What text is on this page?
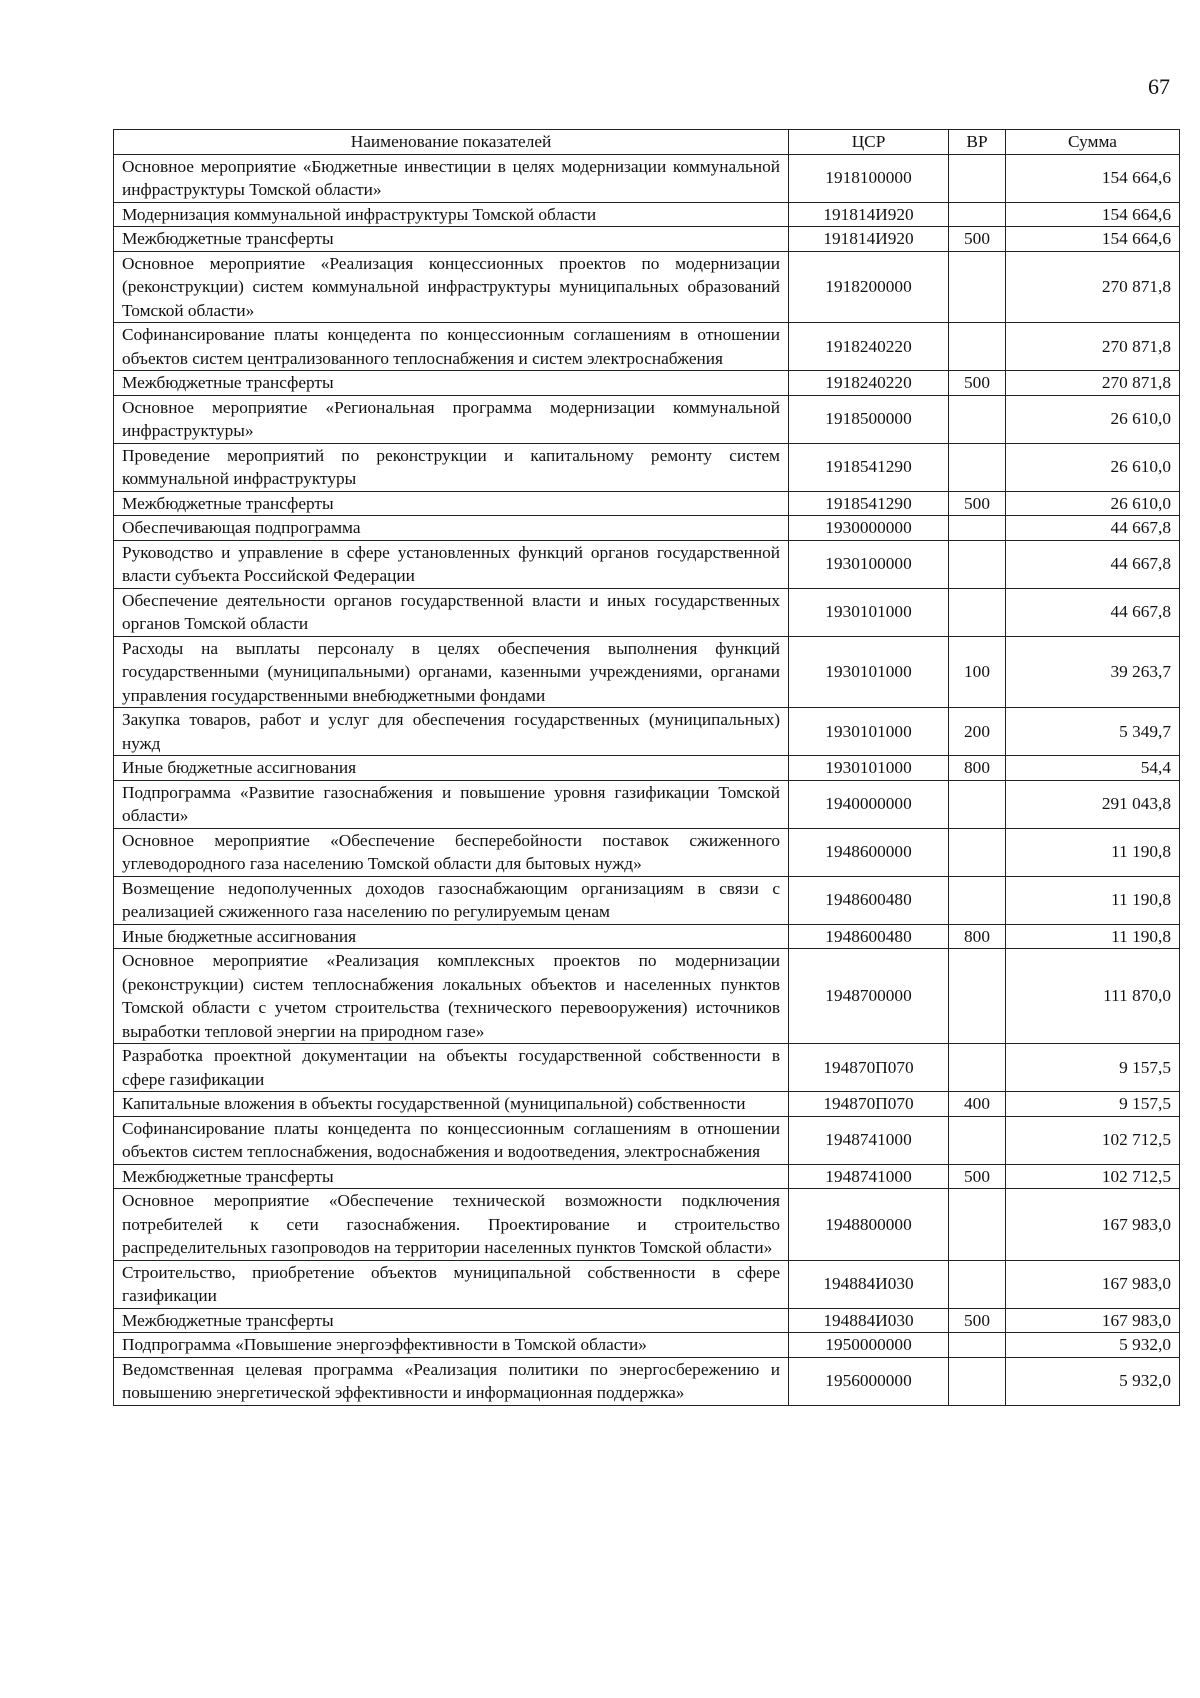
67
Наименование показателей	ЦСР	ВР	Сумма
Основное мероприятие «Бюджетные инвестиции в целях модернизации коммунальной инфраструктуры Томской области»	1918100000		154 664,6
Модернизация коммунальной инфраструктуры Томской области	191814И920		154 664,6
Межбюджетные трансферты	191814И920	500	154 664,6
Основное мероприятие «Реализация концессионных проектов по модернизации (реконструкции) систем коммунальной инфраструктуры муниципальных образований Томской области»	1918200000		270 871,8
Софинансирование платы концедента по концессионным соглашениям в отношении объектов систем централизованного теплоснабжения и систем электроснабжения	1918240220		270 871,8
Межбюджетные трансферты	1918240220	500	270 871,8
Основное мероприятие «Региональная программа модернизации коммунальной инфраструктуры»	1918500000		26 610,0
Проведение мероприятий по реконструкции и капитальному ремонту систем коммунальной инфраструктуры	1918541290		26 610,0
Межбюджетные трансферты	1918541290	500	26 610,0
Обеспечивающая подпрограмма	1930000000		44 667,8
Руководство и управление в сфере установленных функций органов государственной власти субъекта Российской Федерации	1930100000		44 667,8
Обеспечение деятельности органов государственной власти и иных государственных органов Томской области	1930101000		44 667,8
Расходы на выплаты персоналу в целях обеспечения выполнения функций государственными (муниципальными) органами, казенными учреждениями, органами управления государственными внебюджетными фондами	1930101000	100	39 263,7
Закупка товаров, работ и услуг для обеспечения государственных (муниципальных) нужд	1930101000	200	5 349,7
Иные бюджетные ассигнования	1930101000	800	54,4
Подпрограмма «Развитие газоснабжения и повышение уровня газификации Томской области»	1940000000		291 043,8
Основное мероприятие «Обеспечение бесперебойности поставок сжиженного углеводородного газа населению Томской области для бытовых нужд»	1948600000		11 190,8
Возмещение недополученных доходов газоснабжающим организациям в связи с реализацией сжиженного газа населению по регулируемым ценам	1948600480		11 190,8
Иные бюджетные ассигнования	1948600480	800	11 190,8
Основное мероприятие «Реализация комплексных проектов по модернизации (реконструкции) систем теплоснабжения локальных объектов и населенных пунктов Томской области с учетом строительства (технического перевооружения) источников выработки тепловой энергии на природном газе»	1948700000		111 870,0
Разработка проектной документации на объекты государственной собственности в сфере газификации	194870П070		9 157,5
Капитальные вложения в объекты государственной (муниципальной) собственности	194870П070	400	9 157,5
Софинансирование платы концедента по концессионным соглашениям в отношении объектов систем теплоснабжения, водоснабжения и водоотведения, электроснабжения	1948741000		102 712,5
Межбюджетные трансферты	1948741000	500	102 712,5
Основное мероприятие «Обеспечение технической возможности подключения потребителей к сети газоснабжения. Проектирование и строительство распределительных газопроводов на территории населенных пунктов Томской области»	1948800000		167 983,0
Строительство, приобретение объектов муниципальной собственности в сфере газификации	194884И030		167 983,0
Межбюджетные трансферты	194884И030	500	167 983,0
Подпрограмма «Повышение энергоэффективности в Томской области»	1950000000		5 932,0
Ведомственная целевая программа «Реализация политики по энергосбережению и повышению энергетической эффективности и информационная поддержка»	1956000000		5 932,0
